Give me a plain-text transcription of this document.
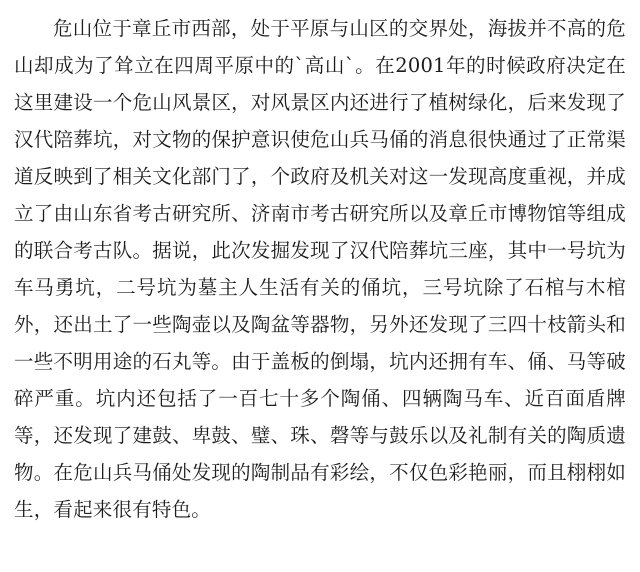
危山位于章丘市西部，处于平原与山区的交界处，海拔并不高的危山却成为了耸立在四周平原中的`高山`。在2001年的时候政府决定在这里建设一个危山风景区，对风景区内还进行了植树绿化，后来发现了汉代陪葬坑，对文物的保护意识使危山兵马俑的消息很快通过了正常渠道反映到了相关文化部门了，个政府及机关对这一发现高度重视，并成立了由山东省考古研究所、济南市考古研究所以及章丘市博物馆等组成的联合考古队。据说，此次发掘发现了汉代陪葬坑三座，其中一号坑为车马勇坑，二号坑为墓主人生活有关的俑坑，三号坑除了石棺与木棺外，还出土了一些陶壶以及陶盆等器物，另外还发现了三四十枝箭头和一些不明用途的石丸等。由于盖板的倒塌，坑内还拥有车、俑、马等破碎严重。坑内还包括了一百七十多个陶俑、四辆陶马车、近百面盾牌等，还发现了建鼓、卑鼓、璧、珠、磬等与鼓乐以及礼制有关的陶质遗物。在危山兵马俑处发现的陶制品有彩绘，不仅色彩艳丽，而且栩栩如生，看起来很有特色。
